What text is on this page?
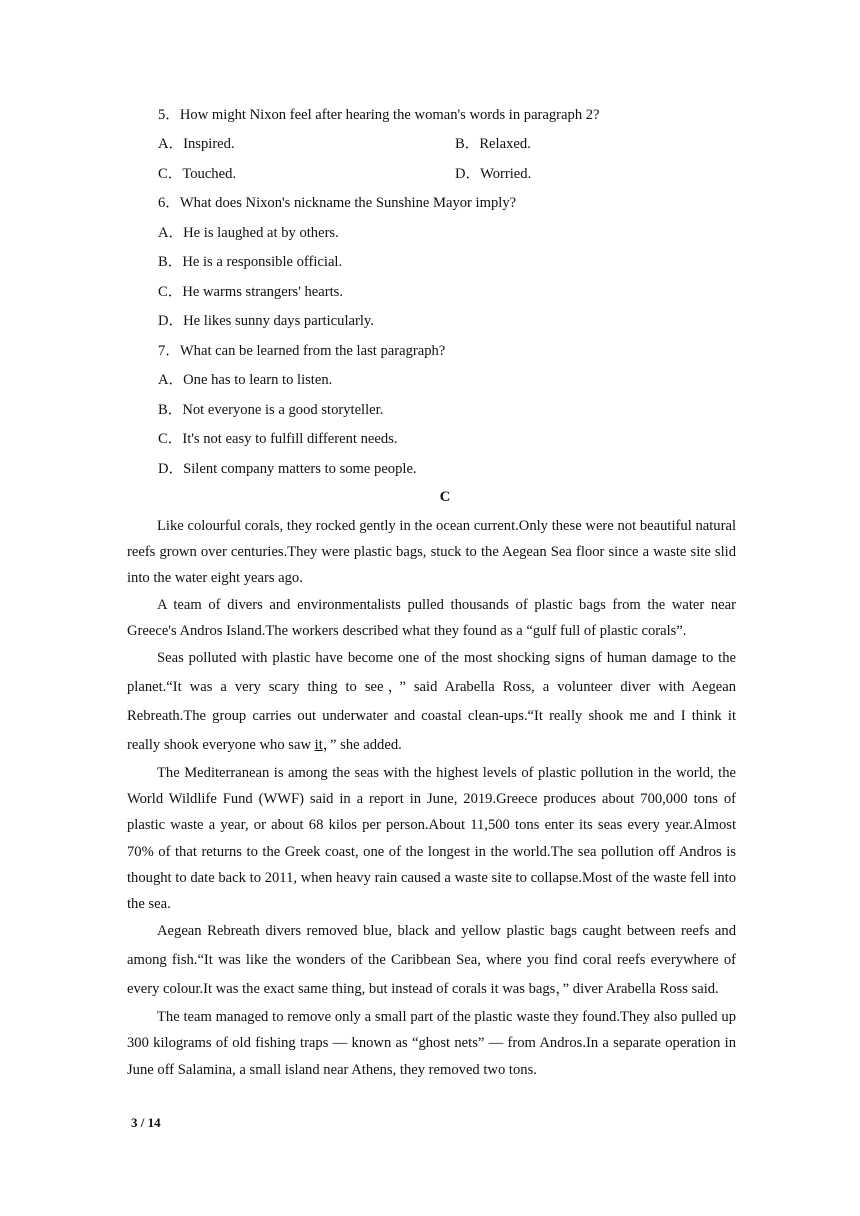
5．How might Nixon feel after hearing the woman's words in paragraph 2?
A．Inspired.	B．Relaxed.
C．Touched.	D．Worried.
6．What does Nixon's nickname the Sunshine Mayor imply?
A．He is laughed at by others.
B．He is a responsible official.
C．He warms strangers' hearts.
D．He likes sunny days particularly.
7．What can be learned from the last paragraph?
A．One has to learn to listen.
B．Not everyone is a good storyteller.
C．It's not easy to fulfill different needs.
D．Silent company matters to some people.
C

Like colourful corals, they rocked gently in the ocean current.Only these were not beautiful natural reefs grown over centuries.They were plastic bags, stuck to the Aegean Sea floor since a waste site slid into the water eight years ago.

A team of divers and environmentalists pulled thousands of plastic bags from the water near Greece's Andros Island.The workers described what they found as a “gulf full of plastic corals”.

Seas polluted with plastic have become one of the most shocking signs of human damage to the planet.“It was a very scary thing to see，” said Arabella Ross, a volunteer diver with Aegean Rebreath.The group carries out underwater and coastal clean-ups.“It really shook me and I think it really shook everyone who saw it，” she added.

The Mediterranean is among the seas with the highest levels of plastic pollution in the world, the World Wildlife Fund (WWF) said in a report in June, 2019.Greece produces about 700,000 tons of plastic waste a year, or about 68 kilos per person.About 11,500 tons enter its seas every year.Almost 70% of that returns to the Greek coast, one of the longest in the world.The sea pollution off Andros is thought to date back to 2011, when heavy rain caused a waste site to collapse.Most of the waste fell into the sea.

Aegean Rebreath divers removed blue, black and yellow plastic bags caught between reefs and among fish.“It was like the wonders of the Caribbean Sea, where you find coral reefs everywhere of every colour.It was the exact same thing, but instead of corals it was bags，” diver Arabella Ross said.

The team managed to remove only a small part of the plastic waste they found.They also pulled up 300 kilograms of old fishing traps — known as “ghost nets” — from Andros.In a separate operation in June off Salamina, a small island near Athens, they removed two tons.

3 / 14
